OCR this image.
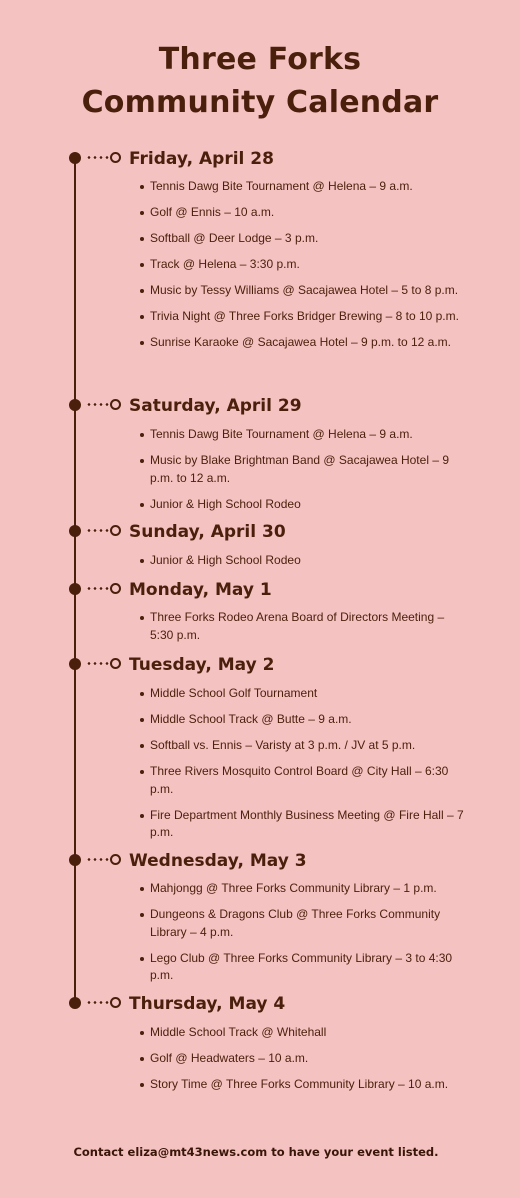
Three Forks
Community Calendar
Friday, April 28
Tennis Dawg Bite Tournament @ Helena – 9 a.m.
Golf @ Ennis – 10 a.m.
Softball @ Deer Lodge – 3 p.m.
Track @ Helena – 3:30 p.m.
Music by Tessy Williams @ Sacajawea Hotel – 5 to 8 p.m.
Trivia Night @ Three Forks Bridger Brewing – 8 to 10 p.m.
Sunrise Karaoke @ Sacajawea Hotel – 9 p.m. to 12 a.m.
Saturday, April 29
Tennis Dawg Bite Tournament @ Helena – 9 a.m.
Music by Blake Brightman Band @ Sacajawea Hotel – 9 p.m. to 12 a.m.
Junior & High School Rodeo
Sunday, April 30
Junior & High School Rodeo
Monday, May 1
Three Forks Rodeo Arena Board of Directors Meeting – 5:30 p.m.
Tuesday, May 2
Middle School Golf Tournament
Middle School Track @ Butte – 9 a.m.
Softball vs. Ennis – Varisty at 3 p.m. / JV at 5 p.m.
Three Rivers Mosquito Control Board @ City Hall – 6:30 p.m.
Fire Department Monthly Business Meeting @ Fire Hall – 7 p.m.
Wednesday, May 3
Mahjongg @ Three Forks Community Library – 1 p.m.
Dungeons & Dragons Club @ Three Forks Community Library – 4 p.m.
Lego Club @ Three Forks Community Library – 3 to 4:30 p.m.
Thursday, May 4
Middle School Track @ Whitehall
Golf @ Headwaters – 10 a.m.
Story Time @ Three Forks Community Library – 10 a.m.
Contact eliza@mt43news.com to have your event listed.
